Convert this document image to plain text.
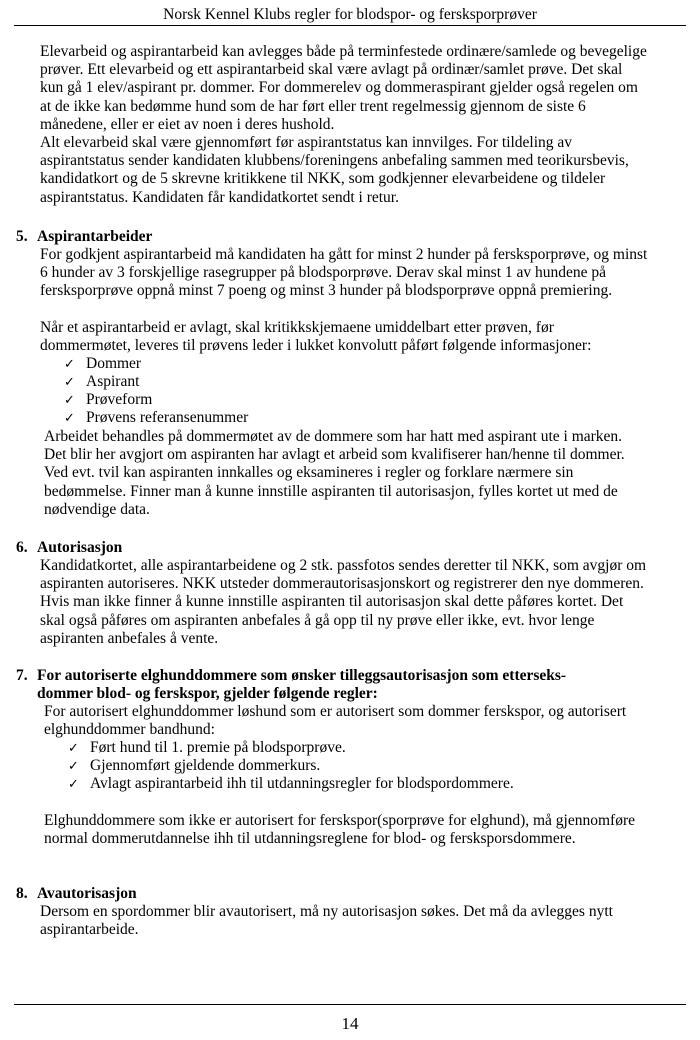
Norsk Kennel Klubs regler for blodspor- og fersksporprøver

Elevarbeid og aspirantarbeid kan avlegges både på terminfestede ordinære/samlede og bevegelige
prøver. Ett elevarbeid og ett aspirantarbeid skal være avlagt på ordinær/samlet prøve. Det skal
kun gå 1 elev/aspirant pr. dommer. For dommerelev og dommeraspirant gjelder også regelen om
at de ikke kan bedømme hund som de har ført eller trent regelmessig gjennom de siste 6
månedene, eller er eiet av noen i deres hushold.

Alt elevarbeid skal være gjennomført før aspirantstatus kan innvilges. For tildeling av
aspirantstatus sender kandidaten klubbens/foreningens anbefaling sammen med teorikursbevis,
kandidatkort og de 5 skrevne kritikkene til NKK, som godkjenner elevarbeidene og tildeler
aspirantstatus. Kandidaten får kandidatkortet sendt i retur.

5. Aspirantarbeider

For godkjent aspirantarbeid må kandidaten ha gått for minst 2 hunder på fersksporprøve, og minst
6 hunder av 3 forskjellige rasegrupper på blodsporprøve. Derav skal minst 1 av hundene på
fersksporprøve oppnå minst 7 poeng og minst 3 hunder på blodsporprøve oppnå premiering.

Når et aspirantarbeid er avlagt, skal kritikkskjemaene umiddelbart etter prøven, før
dommermøtet, leveres til prøvens leder i lukket konvolutt påført følgende informasjoner:

✓ Dommer
✓ Aspirant
✓ Prøveform
✓ Prøvens referansenummer

Arbeidet behandles på dommermøtet av de dommere som har hatt med aspirant ute i marken.
Det blir her avgjort om aspiranten har avlagt et arbeid som kvalifiserer han/henne til dommer.
Ved evt. tvil kan aspiranten innkalles og eksamineres i regler og forklare nærmere sin
bedømmelse. Finner man å kunne innstille aspiranten til autorisasjon, fylles kortet ut med de
nødvendige data.

6. Autorisasjon

Kandidatkortet, alle aspirantarbeidene og 2 stk. passfotos sendes deretter til NKK, som avgjør om
aspiranten autoriseres. NKK utsteder dommerautorisasjonskort og registrerer den nye dommeren.
Hvis man ikke finner å kunne innstille aspiranten til autorisasjon skal dette påføres kortet. Det
skal også påføres om aspiranten anbefales å gå opp til ny prøve eller ikke, evt. hvor lenge
aspiranten anbefales å vente.

7. For autoriserte elghunddommere som ønsker tilleggsautorisasjon som etterseks-
dommer blod- og ferskspor, gjelder følgende regler:

For autorisert elghunddommer løshund som er autorisert som dommer ferskspor, og autorisert
elghunddommer bandhund:

✓ Ført hund til 1. premie på blodsporprøve.
✓ Gjennomført gjeldende dommerkurs.
✓ Avlagt aspirantarbeid ihh til utdanningsregler for blodspordommere.

Elghunddommere som ikke er autorisert for ferskspor(sporprøve for elghund), må gjennomføre
normal dommerutdannelse ihh til utdanningsreglene for blod- og fersksporsdommere.

8. Avautorisasjon

Dersom en spordommer blir avautorisert, må ny autorisasjon søkes. Det må da avlegges nytt
aspirantarbeide.

14
